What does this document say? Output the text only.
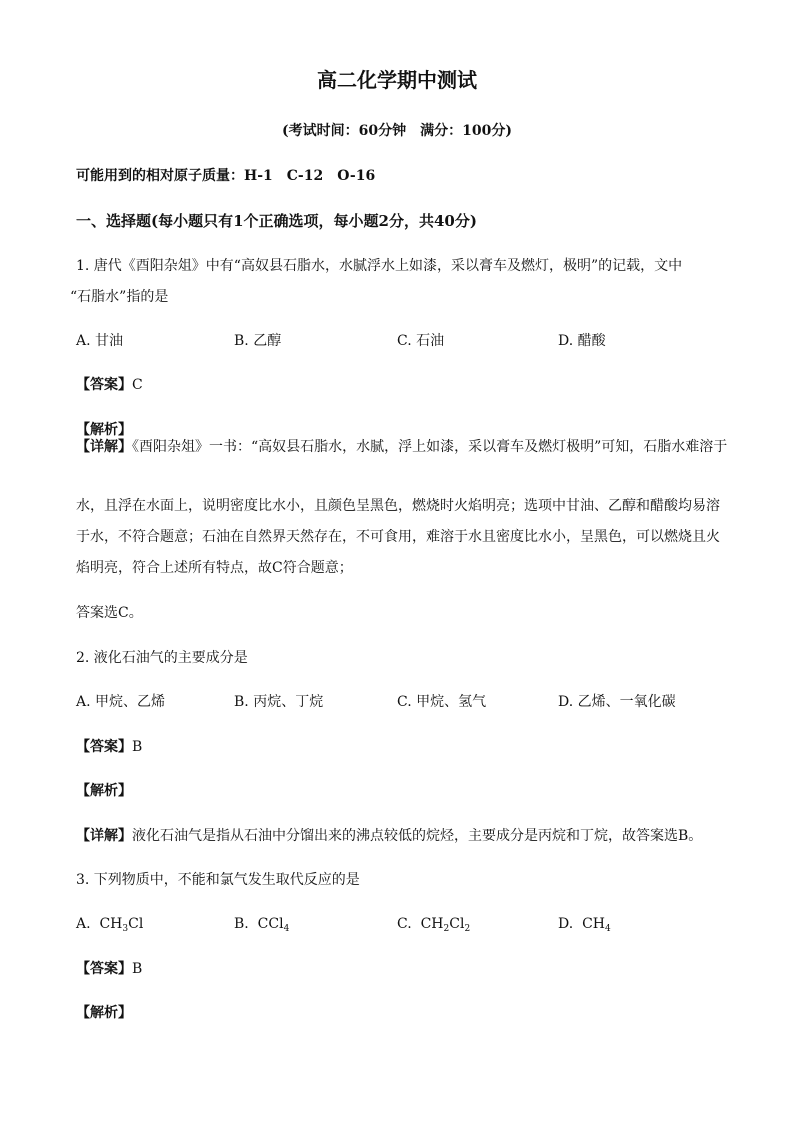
高二化学期中测试
(考试时间：60分钟　满分：100分)
可能用到的相对原子质量：H-1　C-12　O-16
一、选择题(每小题只有1个正确选项，每小题2分，共40分)
1. 唐代《酉阳杂俎》中有“高奴县石脂水，水腻浮水上如漆，采以膏车及燃灯，极明”的记载，文中
“石脂水”指的是
A. 甘油	B. 乙醇	C. 石油	D. 醋酸
【答案】C
【解析】
【详解】《酉阳杂俎》一书：“高奴县石脂水，水腻，浮上如漆，采以膏车及燃灯极明”可知，石脂水难溶于
水，且浮在水面上，说明密度比水小，且颜色呈黑色，燃烧时火焰明亮；选项中甘油、乙醇和醋酸均易溶
于水，不符合题意；石油在自然界天然存在，不可食用，难溶于水且密度比水小，呈黑色，可以燃烧且火
焰明亮，符合上述所有特点，故C符合题意；
答案选C。
2. 液化石油气的主要成分是
A. 甲烷、乙烯	B. 丙烷、丁烷	C. 甲烷、氢气	D. 乙烯、一氧化碳
【答案】B
【解析】
【详解】液化石油气是指从石油中分馏出来的沸点较低的烷烃，主要成分是丙烷和丁烷，故答案选B。
3. 下列物质中，不能和氯气发生取代反应的是
A. $CH_3Cl$	B. CCl$_4$	C. $CH_2Cl_2$	D. $CH_4$
【答案】B
【解析】
